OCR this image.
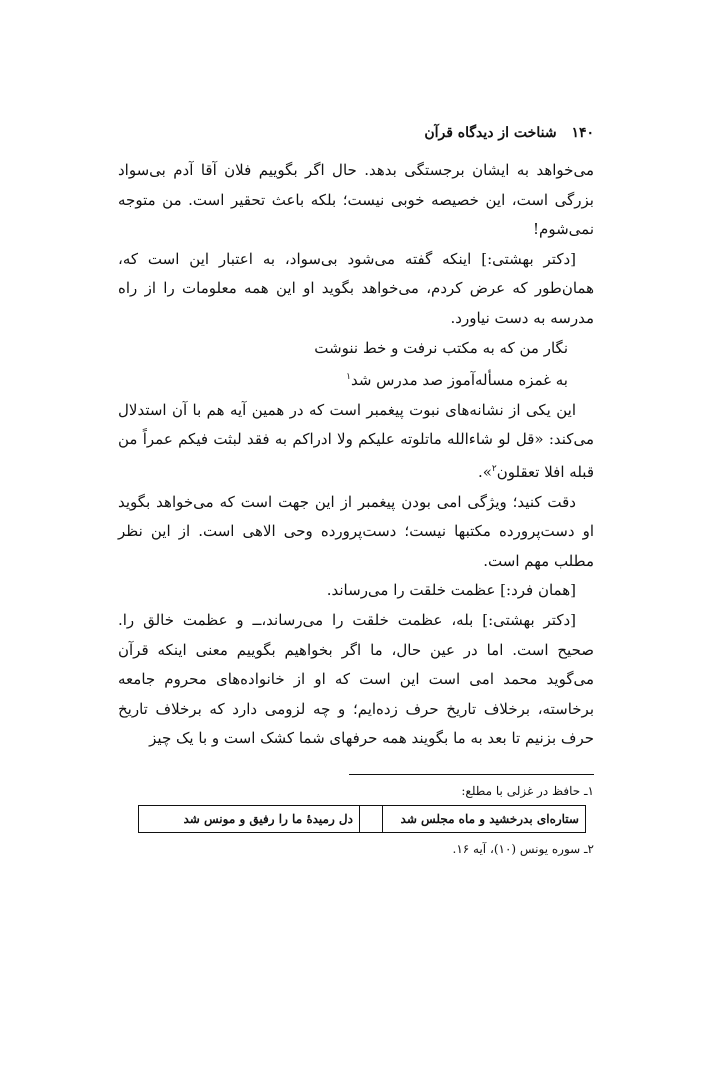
۱۴۰ شناخت از دیدگاه قرآن

می‌خواهد به ایشان برجستگی بدهد. حال اگر بگوییم فلان آقا آدم بی‌سواد بزرگی است، این خصیصه خوبی نیست؛ بلکه باعث تحقیر است. من متوجه نمی‌شوم!

[دکتر بهشتی:] اینکه گفته می‌شود بی‌سواد، به اعتبار این است که، همان‌طور که عرض کردم، می‌خواهد بگوید او این همه معلومات را از راه مدرسه به دست نیاورد.

نگار من که به مکتب نرفت و خط ننوشت

به غمزه مسأله‌آموز صد مدرس شد$^۱$

این یکی از نشانه‌های نبوت پیغمبر است که در همین آیه هم با آن استدلال می‌کند: «قل لو شاءالله ماتلوته علیکم ولا ادراکم به فقد لبثت فیکم عمراً من قبله افلا تعقلون$^۲$».

دقت کنید؛ ویژگی امی بودن پیغمبر از این جهت است که می‌خواهد بگوید او دست‌پرورده مکتبها نیست؛ دست‌پرورده وحی الاهی است. از این نظر مطلب مهم است.

[همان فرد:] عظمت خلقت را می‌رساند.

[دکتر بهشتی:] بله، عظمت خلقت را می‌رساند،ــ و عظمت خالق را. صحیح است. اما در عین حال، ما اگر بخواهیم بگوییم معنی اینکه قرآن می‌گوید محمد امی است این است که او از خانواده‌های محروم جامعه برخاسته، برخلاف تاریخ حرف زده‌ایم؛ و چه لزومی دارد که برخلاف تاریخ حرف بزنیم تا بعد به ما بگویند همه حرفهای شما کشک است و با یک چیز

۱ـ حافظ در غزلی با مطلع:
ستاره‌ای بدرخشید و ماه مجلس شد
دل رمیدهٔ ما را رفیق و مونس شد
۲ـ سوره یونس (۱۰)، آیه ۱۶.
